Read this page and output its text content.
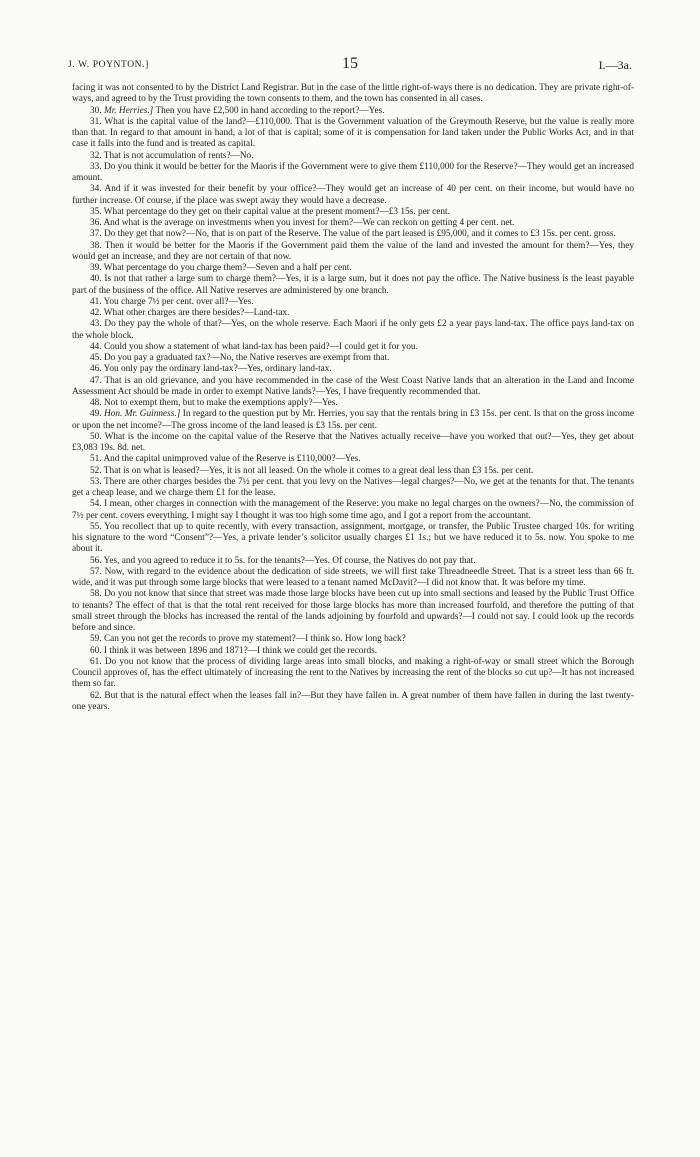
J. W. POYNTON.]	15	I.—3a.

facing it was not consented to by the District Land Registrar. But in the case of the little right-of-ways there is no dedication. They are private right-of-ways, and agreed to by the Trust providing the town consents to them, and the town has consented in all cases.

30. Mr. Herries.] Then you have £2,500 in hand according to the report?—Yes.

31. What is the capital value of the land?—£110,000. That is the Government valuation of the Greymouth Reserve, but the value is really more than that. In regard to that amount in hand, a lot of that is capital; some of it is compensation for land taken under the Public Works Act, and in that case it falls into the fund and is treated as capital.

32. That is not accumulation of rents?—No.

33. Do you think it would be better for the Maoris if the Government were to give them £110,000 for the Reserve?—They would get an increased amount.

34. And if it was invested for their benefit by your office?—They would get an increase of 40 per cent. on their income, but would have no further increase. Of course, if the place was swept away they would have a decrease.

35. What percentage do they get on their capital value at the present moment?—£3 15s. per cent.

36. And what is the average on investments when you invest for them?—We can reckon on getting 4 per cent. net.

37. Do they get that now?—No, that is on part of the Reserve. The value of the part leased is £95,000, and it comes to £3 15s. per cent. gross.

38. Then it would be better for the Maoris if the Government paid them the value of the land and invested the amount for them?—Yes, they would get an increase, and they are not certain of that now.

39. What percentage do you charge them?—Seven and a half per cent.

40. Is not that rather a large sum to charge them?—Yes, it is a large sum, but it does not pay the office. The Native business is the least payable part of the business of the office. All Native reserves are administered by one branch.

41. You charge 7½ per cent. over all?—Yes.

42. What other charges are there besides?—Land-tax.

43. Do they pay the whole of that?—Yes, on the whole reserve. Each Maori if he only gets £2 a year pays land-tax. The office pays land-tax on the whole block.

44. Could you show a statement of what land-tax has been paid?—I could get it for you.

45. Do you pay a graduated tax?—No, the Native reserves are exempt from that.

46. You only pay the ordinary land-tax?—Yes, ordinary land-tax.

47. That is an old grievance, and you have recommended in the case of the West Coast Native lands that an alteration in the Land and Income Assessment Act should be made in order to exempt Native lands?—Yes, I have frequently recommended that.

48. Not to exempt them, but to make the exemptions apply?—Yes.

49. Hon. Mr. Guinness.] In regard to the question put by Mr. Herries, you say that the rentals bring in £3 15s. per cent. Is that on the gross income or upon the net income?—The gross income of the land leased is £3 15s. per cent.

50. What is the income on the capital value of the Reserve that the Natives actually receive—have you worked that out?—Yes, they get about £3,083 19s. 8d. net.

51. And the capital unimproved value of the Reserve is £110,000?—Yes.

52. That is on what is leased?—Yes, it is not all leased. On the whole it comes to a great deal less than £3 15s. per cent.

53. There are other charges besides the 7½ per cent. that you levy on the Natives—legal charges?—No, we get at the tenants for that. The tenants get a cheap lease, and we charge them £1 for the lease.

54. I mean, other charges in connection with the management of the Reserve: you make no legal charges on the owners?—No, the commission of 7½ per cent. covers everything. I might say I thought it was too high some time ago, and I got a report from the accountant.

55. You recollect that up to quite recently, with every transaction, assignment, mortgage, or transfer, the Public Trustee charged 10s. for writing his signature to the word “Consent”?—Yes, a private lender’s solicitor usually charges £1 1s.; but we have reduced it to 5s. now. You spoke to me about it.

56. Yes, and you agreed to reduce it to 5s. for the tenants?—Yes. Of course, the Natives do not pay that.

57. Now, with regard to the evidence about the dedication of side streets, we will first take Threadneedle Street. That is a street less than 66 ft. wide, and it was put through some large blocks that were leased to a tenant named McDavit?—I did not know that. It was before my time.

58. Do you not know that since that street was made those large blocks have been cut up into small sections and leased by the Public Trust Office to tenants? The effect of that is that the total rent received for those large blocks has more than increased fourfold, and therefore the putting of that small street through the blocks has increased the rental of the lands adjoining by fourfold and upwards?—I could not say. I could look up the records before and since.

59. Can you not get the records to prove my statement?—I think so. How long back?

60. I think it was between 1896 and 1871?—I think we could get the records.

61. Do you not know that the process of dividing large areas into small blocks, and making a right-of-way or small street which the Borough Council approves of, has the effect ultimately of increasing the rent to the Natives by increasing the rent of the blocks so cut up?—It has not increased them so far.

62. But that is the natural effect when the leases fall in?—But they have fallen in. A great number of them have fallen in during the last twenty-one years.
